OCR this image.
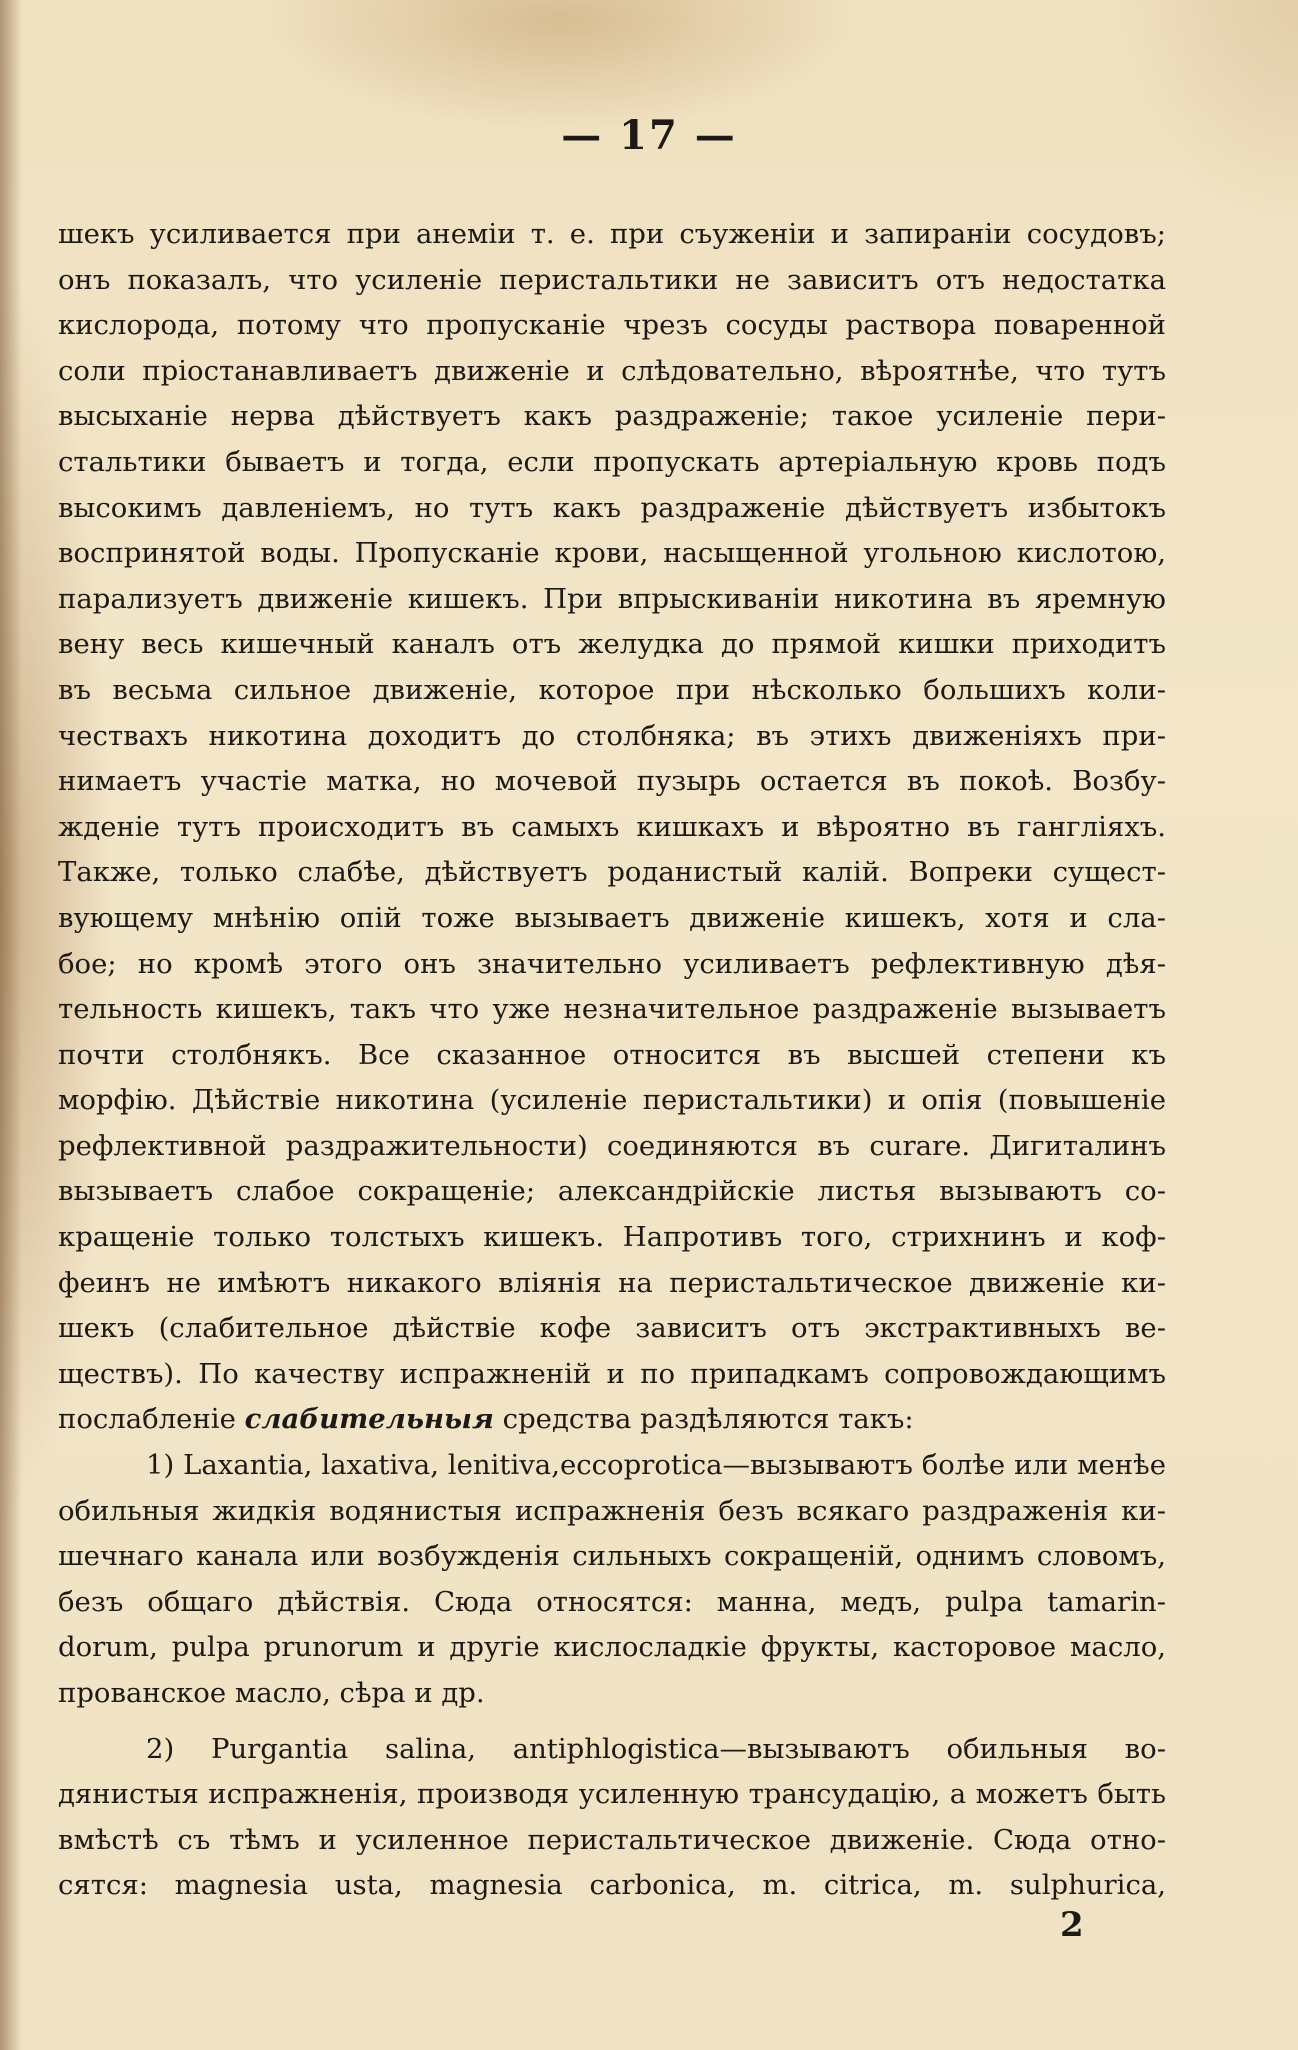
— 17 —
шекъ усиливается при анеміи т. е. при съуженіи и запираніи сосудовъ;
онъ показалъ, что усиленіе перистальтики не зависитъ отъ недостатка
кислорода, потому что пропусканіе чрезъ сосуды раствора поваренной
соли пріостанавливаетъ движеніе и слѣдовательно, вѣроятнѣе, что тутъ
высыханіе нерва дѣйствуетъ какъ раздраженіе; такое усиленіе пери-
стальтики бываетъ и тогда, если пропускать артеріальную кровь подъ
высокимъ давленіемъ, но тутъ какъ раздраженіе дѣйствуетъ избытокъ
воспринятой воды. Пропусканіе крови, насыщенной угольною кислотою,
парализуетъ движеніе кишекъ. При впрыскиваніи никотина въ яремную
вену весь кишечный каналъ отъ желудка до прямой кишки приходитъ
въ весьма сильное движеніе, которое при нѣсколько большихъ коли-
чествахъ никотина доходитъ до столбняка; въ этихъ движеніяхъ при-
нимаетъ участіе матка, но мочевой пузырь остается въ покоѣ. Возбу-
жденіе тутъ происходитъ въ самыхъ кишкахъ и вѣроятно въ гангліяхъ.
Также, только слабѣе, дѣйствуетъ роданистый калій. Вопреки сущест-
вующему мнѣнію опій тоже вызываетъ движеніе кишекъ, хотя и сла-
бое; но кромѣ этого онъ значительно усиливаетъ рефлективную дѣя-
тельность кишекъ, такъ что уже незначительное раздраженіе вызываетъ
почти столбнякъ. Все сказанное относится въ высшей степени къ
морфію. Дѣйствіе никотина (усиленіе перистальтики) и опія (повышеніе
рефлективной раздражительности) соединяются въ curare. Дигиталинъ
вызываетъ слабое сокращеніе; александрійскіе листья вызываютъ со-
кращеніе только толстыхъ кишекъ. Напротивъ того, стрихнинъ и коф-
феинъ не имѣютъ никакого вліянія на перистальтическое движеніе ки-
шекъ (слабительное дѣйствіе кофе зависитъ отъ экстрактивныхъ ве-
ществъ). По качеству испражненій и по припадкамъ сопровождающимъ
послабленіе слабительныя средства раздѣляются такъ:
1) Laxantia, laxativa, lenitiva,eccoprotica—вызываютъ болѣе или менѣе
обильныя жидкія водянистыя испражненія безъ всякаго раздраженія ки-
шечнаго канала или возбужденія сильныхъ сокращеній, однимъ словомъ,
безъ общаго дѣйствія. Сюда относятся: манна, медъ, pulpa tamarin-
dorum, pulpa prunorum и другіе кислосладкіе фрукты, касторовое масло,
прованское масло, сѣра и др.
2) Purgantia salina, antiphlogistica—вызываютъ обильныя во-
дянистыя испражненія, производя усиленную трансудацію, а можетъ быть
вмѣстѣ съ тѣмъ и усиленное перистальтическое движеніе. Сюда отно-
сятся: magnesia usta, magnesia carbonica, m. citrica, m. sulphurica,
2
